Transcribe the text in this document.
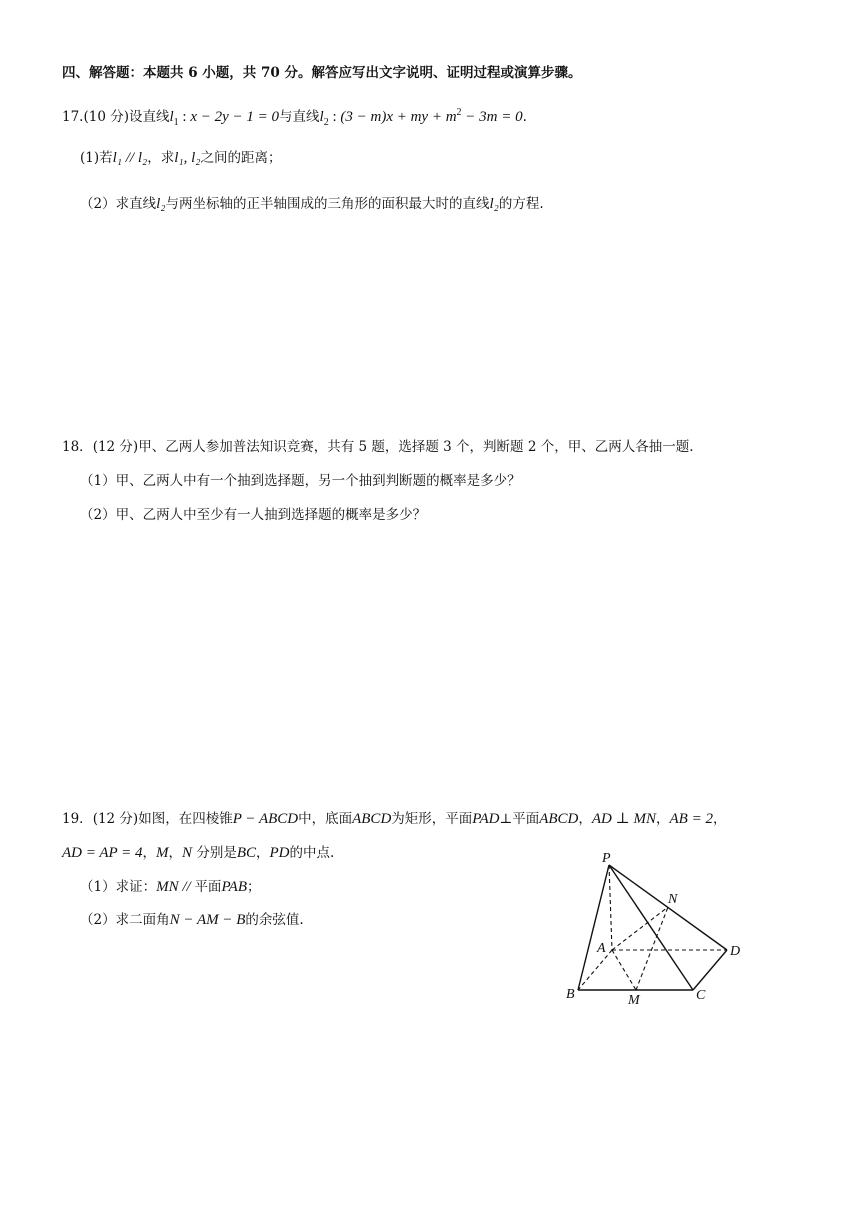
四、解答题：本题共 6 小题，共 70 分。解答应写出文字说明、证明过程或演算步骤。
17.(10 分)设直线$l_1$ : x − 2y − 1 = 0与直线$l_2$ : (3 − m)x + my + $m^2 - 3m = 0$.
(1)若l₁ // l₂，求l₁, l₂之间的距离；
（2）求直线l₂与两坐标轴的正半轴围成的三角形的面积最大时的直线l₂的方程.
18．(12 分)甲、乙两人参加普法知识竞赛，共有 5 题，选择题 3 个，判断题 2 个，甲、乙两人各抽一题.
（1）甲、乙两人中有一个抽到选择题，另一个抽到判断题的概率是多少？
（2）甲、乙两人中至少有一人抽到选择题的概率是多少？
19．(12 分)如图，在四棱锥P − ABCD中，底面ABCD为矩形，平面PAD⊥平面ABCD，AD ⊥ MN，AB = 2，
AD = AP = 4，M，N 分别是BC，PD的中点.
（1）求证：MN // 平面PAB；
（2）求二面角N − AM − B的余弦值.
P
N
A	D
B	M	C
